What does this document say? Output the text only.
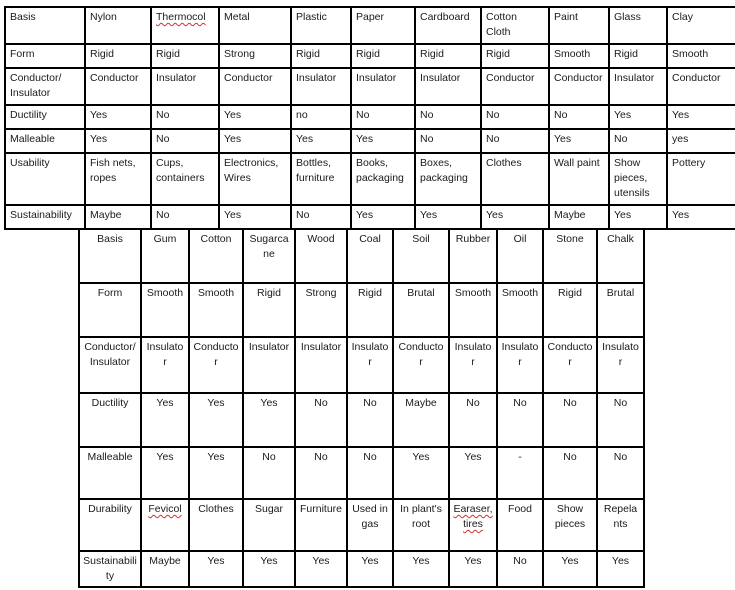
Basis	Nylon	Thermocol	Metal	Plastic	Paper	Cardboard	Cotton Cloth	Paint	Glass	Clay
Form	Rigid	Rigid	Strong	Rigid	Rigid	Rigid	Rigid	Smooth	Rigid	Smooth
Conductor/ Insulator	Conductor	Insulator	Conductor	Insulator	Insulator	Insulator	Conductor	Conductor	Insulator	Conductor
Ductility	Yes	No	Yes	no	No	No	No	No	Yes	Yes
Malleable	Yes	No	Yes	Yes	Yes	No	No	Yes	No	yes
Usability	Fish nets, ropes	Cups, containers	Electronics, Wires	Bottles, furniture	Books, packaging	Boxes, packaging	Clothes	Wall paint	Show pieces, utensils	Pottery
Sustainability	Maybe	No	Yes	No	Yes	Yes	Yes	Maybe	Yes	Yes
Basis	Gum	Cotton	Sugarcane	Wood	Coal	Soil	Rubber	Oil	Stone	Chalk
Form	Smooth	Smooth	Rigid	Strong	Rigid	Brutal	Smooth	Smooth	Rigid	Brutal
Conductor/ Insulator	Insulator	Conductor	Insulator	Insulator	Insulator	Conductor	Insulator	Insulator	Conductor	Insulator
Ductility	Yes	Yes	Yes	No	No	Maybe	No	No	No	No
Malleable	Yes	Yes	No	No	No	Yes	Yes	-	No	No
Durability	Fevicol	Clothes	Sugar	Furniture	Used in gas	In plant's root	Earaser, tires	Food	Show pieces	Repelants
Sustainability	Maybe	Yes	Yes	Yes	Yes	Yes	Yes	No	Yes	Yes
